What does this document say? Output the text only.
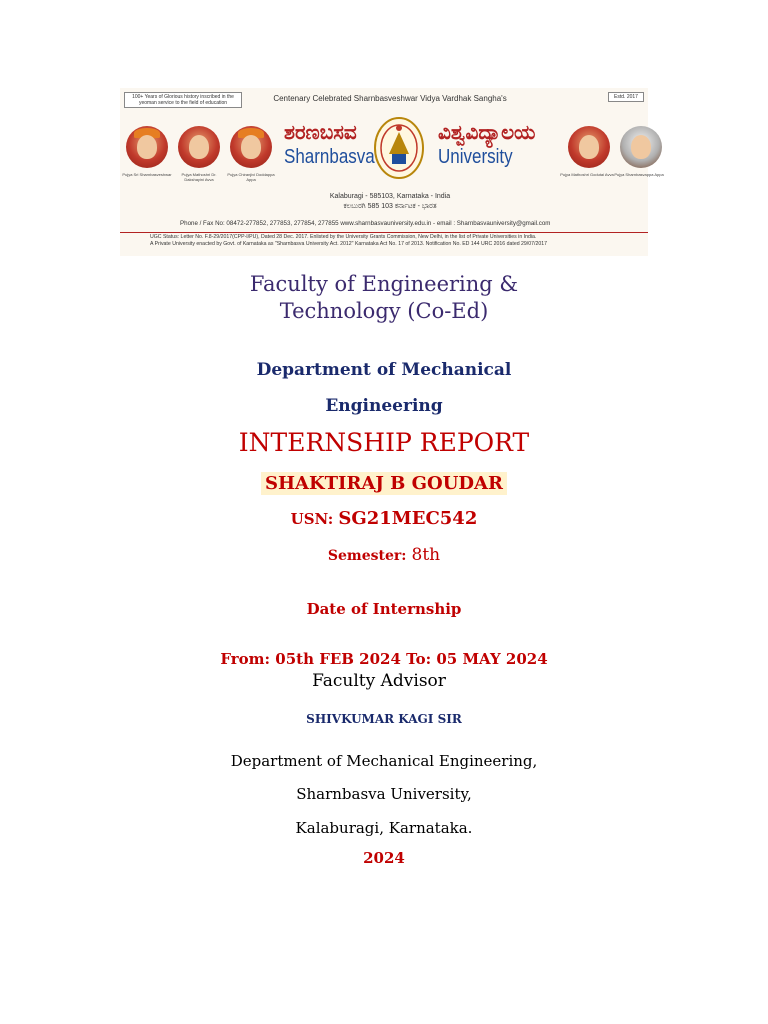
100+ Years of Glorious history inscribed in the yeoman service to the field of education
Estd. 2017
Centenary Celebrated Sharnbasveshwar Vidya Vardhak Sangha's
Pujya Sri Sharnbasveshwar	Pujya Mathoshri Dr. Dakshayini Avva
Pujya Chiranjivi Doddappa Appa
ಶರಣಬಸವ
Sharnbasva
ವಿಶ್ವವಿದ್ಯಾಲಯ
University
Pujya Mathoshri Godutai Avva Pujya Sharnbasvappa Appa
Kalaburagi - 585103, Karnataka - India
ಕಲಬುರಗಿ 585 103 ಕರ್ನಾಟಕ - ಭಾರತ
Phone / Fax No: 08472-277852, 277853, 277854, 277855 www.sharnbasvauniversity.edu.in - email : Sharnbasvauniversity@gmail.com
UGC Status: Letter No. F.8-29/2017(CPP-I/PU), Dated 28 Dec. 2017. Enlisted by the University Grants Commission, New Delhi, in the list of Private Universities in India.
A Private University enacted by Govt. of Karnataka as "Sharnbasva University Act. 2012" Karnataka Act No. 17 of 2013. Notification No. ED 144 URC 2016 dated 29/07/2017
Faculty of Engineering &
Technology (Co-Ed)
Department of Mechanical
Engineering
INTERNSHIP REPORT
SHAKTIRAJ B GOUDAR
USN: SG21MEC542
Semester: 8th
Date of Internship
From: 05th FEB 2024 To: 05 MAY 2024
Faculty Advisor
SHIVKUMAR KAGI SIR
Department of Mechanical Engineering,
Sharnbasva University,
Kalaburagi, Karnataka.
2024
